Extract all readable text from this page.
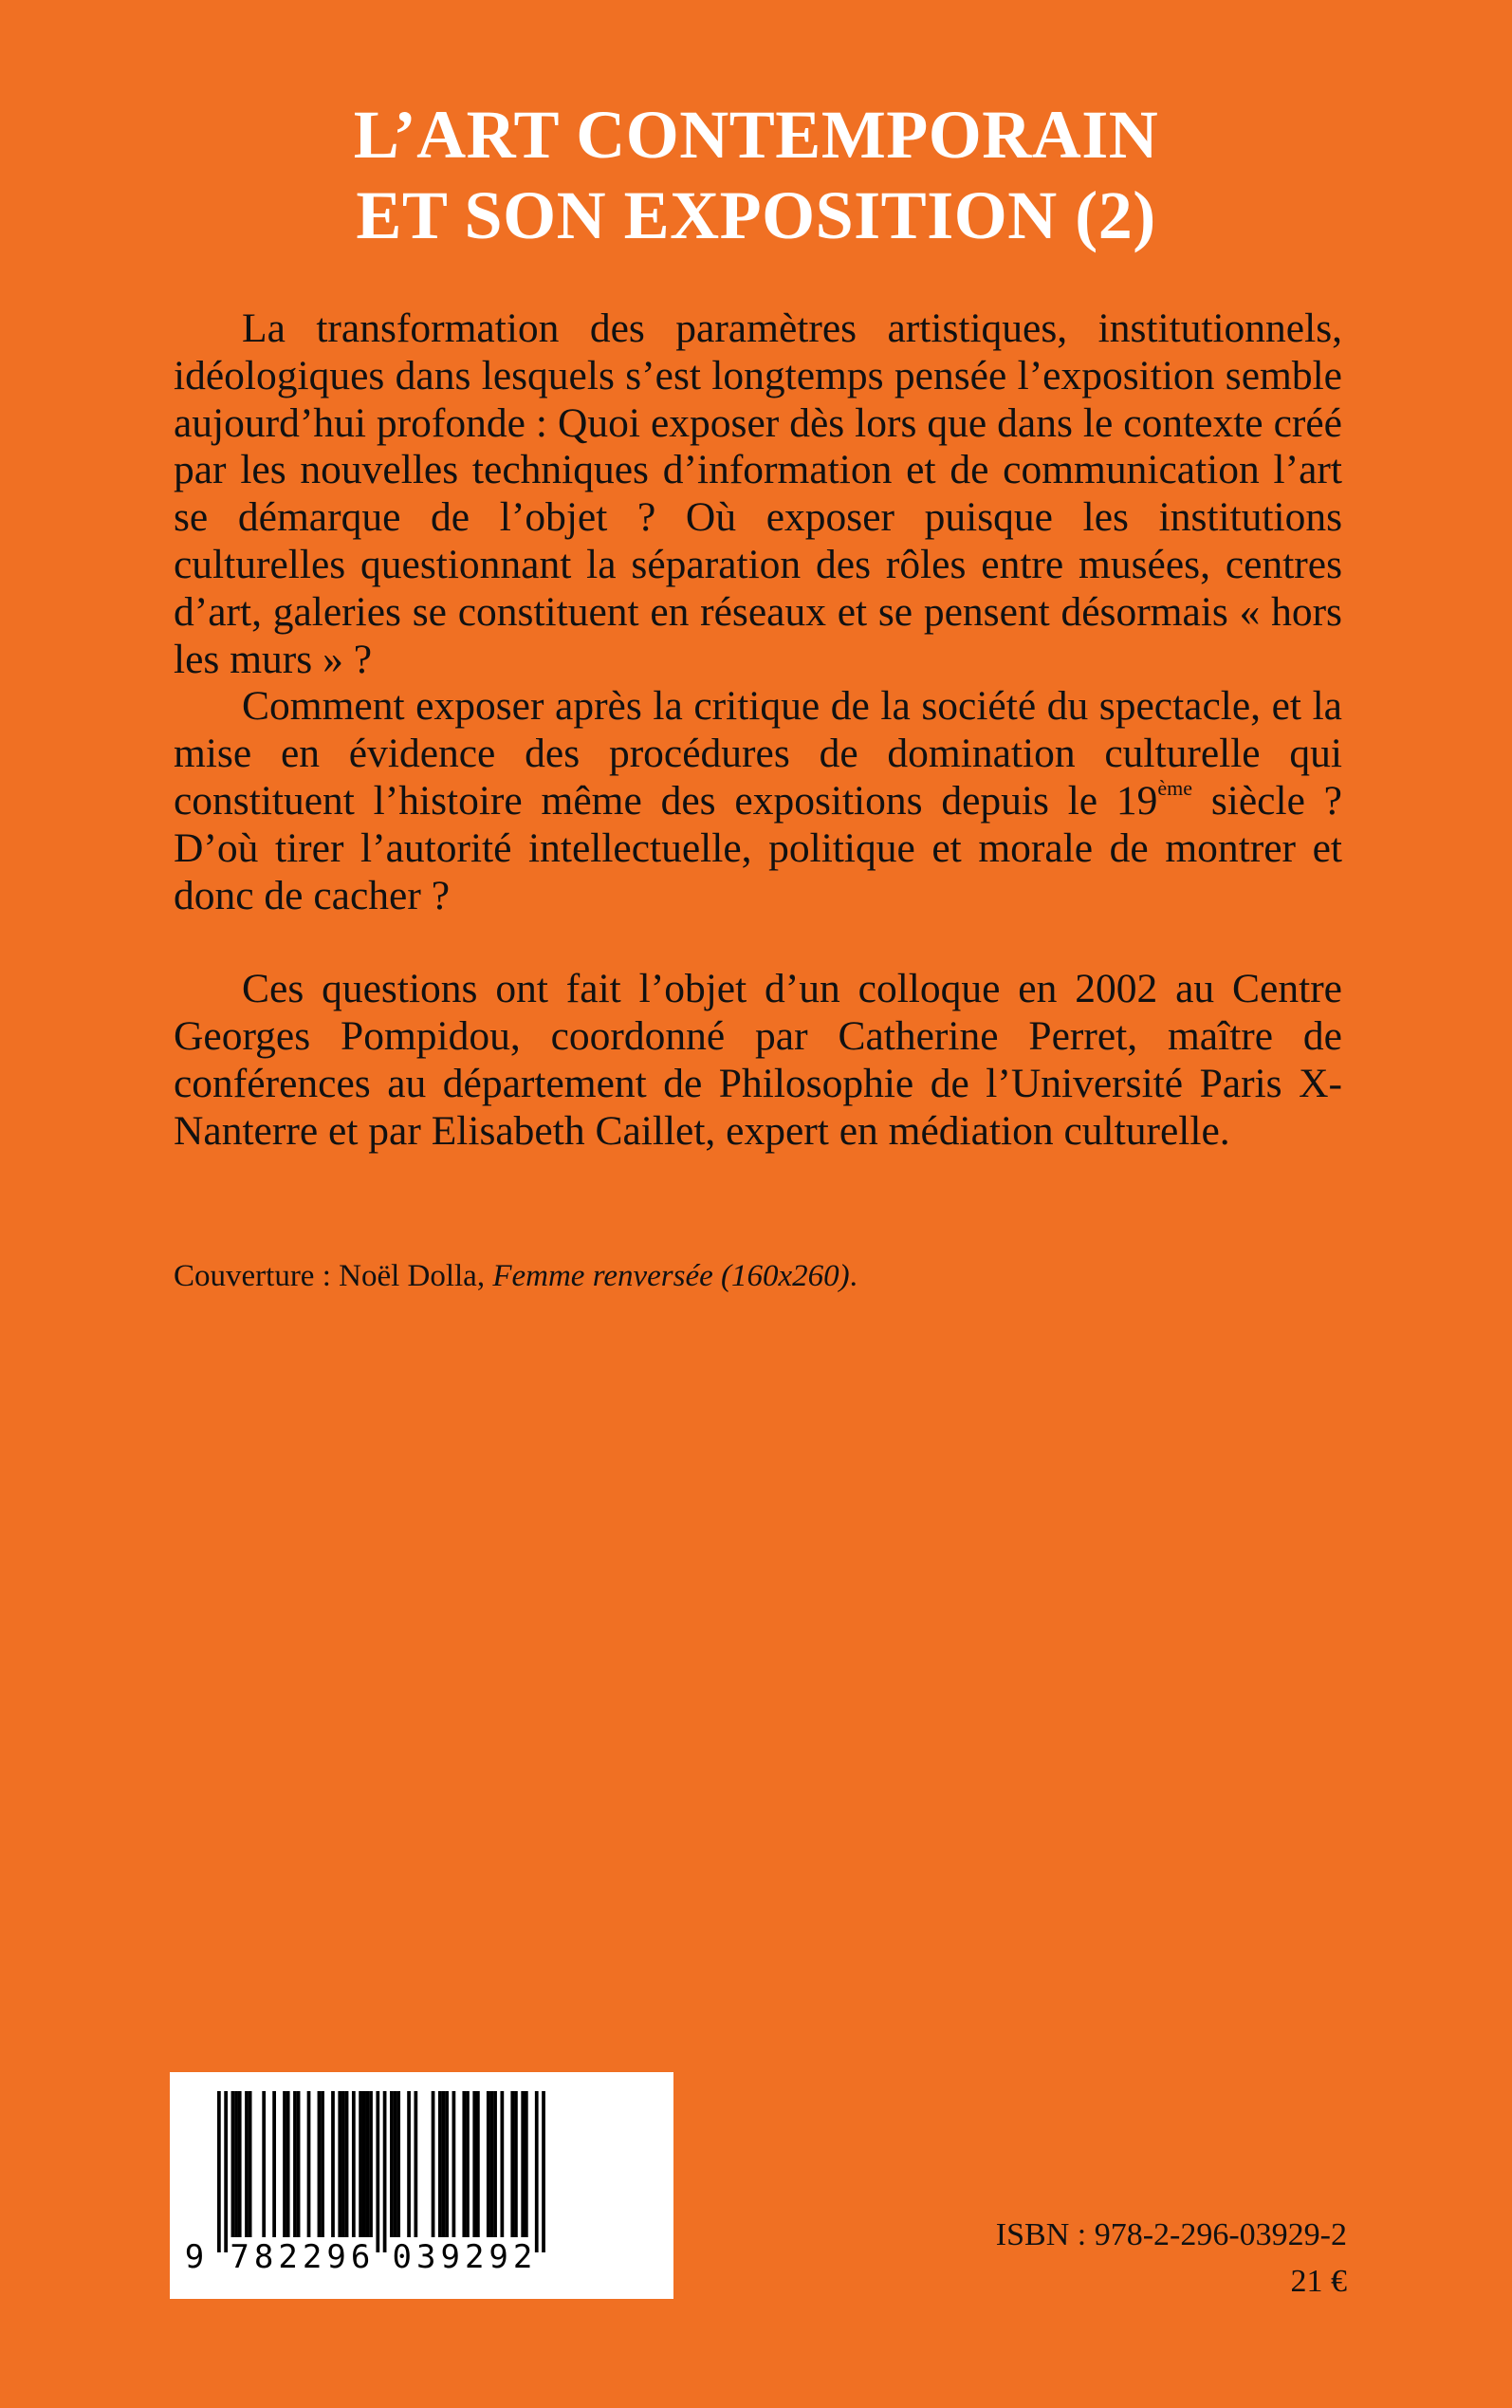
L’ART CONTEMPORAIN
ET SON EXPOSITION (2)

La transformation des paramètres artistiques, institutionnels, idéologiques dans lesquels s’est longtemps pensée l’exposition semble aujourd’hui profonde : Quoi exposer dès lors que dans le contexte créé par les nouvelles techniques d’information et de communication l’art se démarque de l’objet ? Où exposer puisque les institutions culturelles questionnant la séparation des rôles entre musées, centres d’art, galeries se constituent en réseaux et se pensent désormais « hors les murs » ?

Comment exposer après la critique de la société du spectacle, et la mise en évidence des procédures de domination culturelle qui constituent l’histoire même des expositions depuis le 19ème siècle ? D’où tirer l’autorité intellectuelle, politique et morale de montrer et donc de cacher ?

Ces questions ont fait l’objet d’un colloque en 2002 au Centre Georges Pompidou, coordonné par Catherine Perret, maître de conférences au département de Philosophie de l’Université Paris X-Nanterre et par Elisabeth Caillet, expert en médiation culturelle.

Couverture : Noël Dolla, Femme renversée (160x260).
9 7 8 2 2 9 6 0 3 9 2 9 2
ISBN : 978-2-296-03929-2
21 €
